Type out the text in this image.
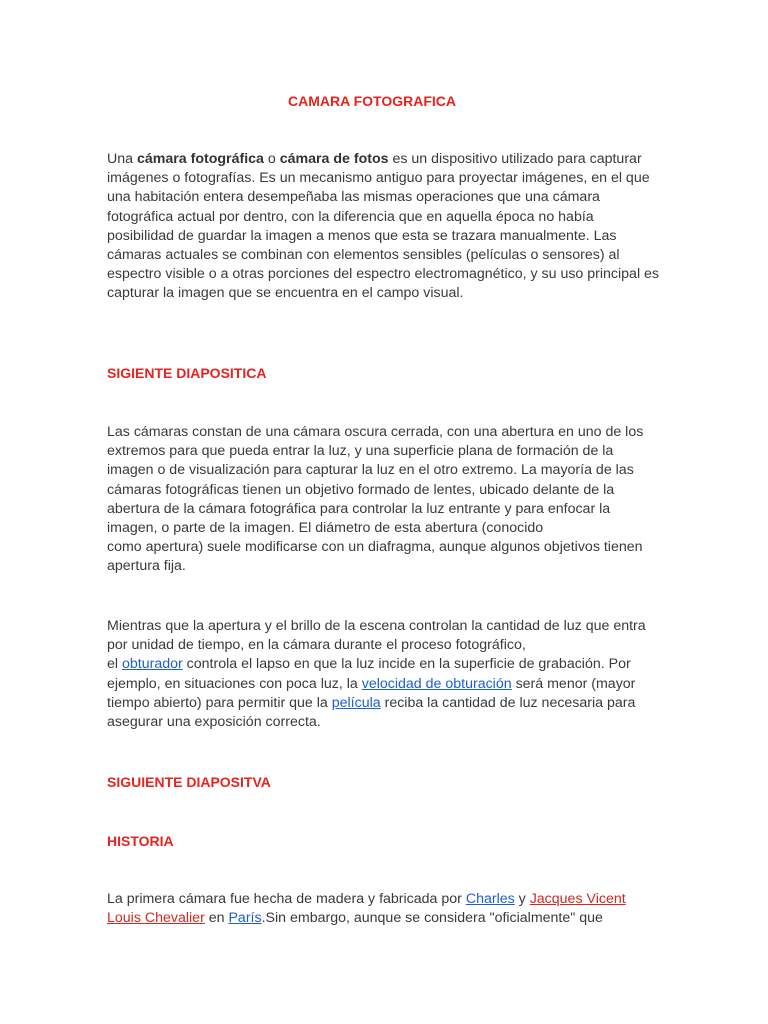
CAMARA FOTOGRAFICA

Una cámara fotográfica o cámara de fotos es un dispositivo utilizado para capturar imágenes o fotografías. Es un mecanismo antiguo para proyectar imágenes, en el que una habitación entera desempeñaba las mismas operaciones que una cámara fotográfica actual por dentro, con la diferencia que en aquella época no había posibilidad de guardar la imagen a menos que esta se trazara manualmente. Las cámaras actuales se combinan con elementos sensibles (películas o sensores) al espectro visible o a otras porciones del espectro electromagnético, y su uso principal es capturar la imagen que se encuentra en el campo visual.

SIGIENTE DIAPOSITICA

Las cámaras constan de una cámara oscura cerrada, con una abertura en uno de los extremos para que pueda entrar la luz, y una superficie plana de formación de la imagen o de visualización para capturar la luz en el otro extremo. La mayoría de las cámaras fotográficas tienen un objetivo formado de lentes, ubicado delante de la abertura de la cámara fotográfica para controlar la luz entrante y para enfocar la imagen, o parte de la imagen. El diámetro de esta abertura (conocido
como apertura) suele modificarse con un diafragma, aunque algunos objetivos tienen apertura fija.

Mientras que la apertura y el brillo de la escena controlan la cantidad de luz que entra por unidad de tiempo, en la cámara durante el proceso fotográfico,
el obturador controla el lapso en que la luz incide en la superficie de grabación. Por ejemplo, en situaciones con poca luz, la velocidad de obturación será menor (mayor tiempo abierto) para permitir que la película reciba la cantidad de luz necesaria para asegurar una exposición correcta.

SIGUIENTE DIAPOSITVA
HISTORIA

La primera cámara fue hecha de madera y fabricada por Charles y Jacques Vicent Louis Chevalier en París.Sin embargo, aunque se considera "oficialmente" que
